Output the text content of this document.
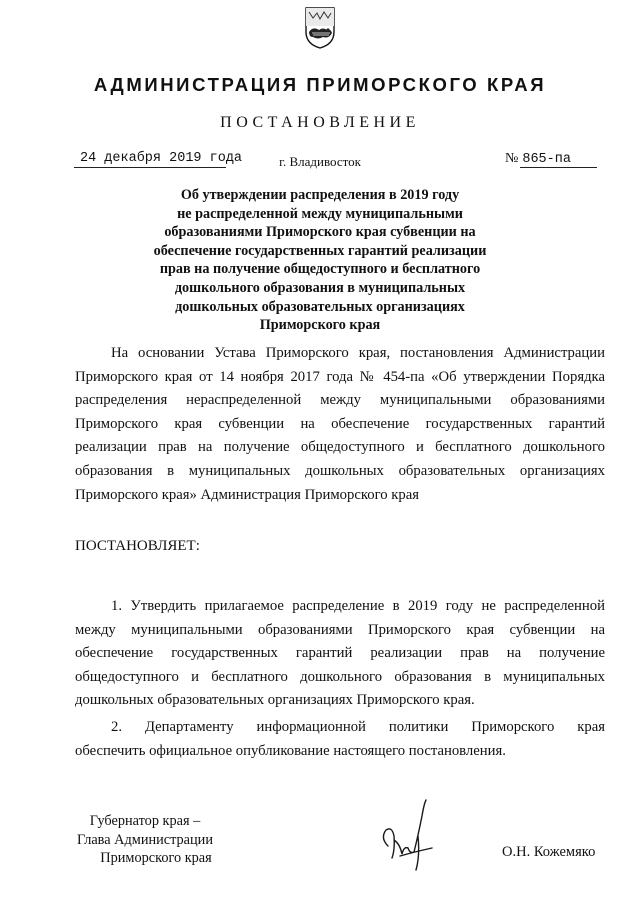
АДМИНИСТРАЦИЯ ПРИМОРСКОГО КРАЯ
ПОСТАНОВЛЕНИЕ
24 декабря 2019 года	г. Владивосток	№ 865-па
Об утверждении распределения в 2019 году
не распределенной между муниципальными
образованиями Приморского края субвенции на
обеспечение государственных гарантий реализации
прав на получение общедоступного и бесплатного
дошкольного образования в муниципальных
дошкольных образовательных организациях
Приморского края
На основании Устава Приморского края, постановления Администрации
Приморского края от 14 ноября 2017 года № 454-па «Об утверждении Порядка
распределения нераспределенной между муниципальными образованиями
Приморского края субвенции на обеспечение государственных гарантий
реализации прав на получение общедоступного и бесплатного дошкольного
образования в муниципальных дошкольных образовательных организациях
Приморского края» Администрация Приморского края
ПОСТАНОВЛЯЕТ:
1. Утвердить прилагаемое распределение в 2019 году не распределенной
между муниципальными образованиями Приморского края субвенции на
обеспечение государственных гарантий реализации прав на получение
общедоступного и бесплатного дошкольного образования в муниципальных
дошкольных образовательных организациях Приморского края.
2. Департаменту информационной политики Приморского края
обеспечить официальное опубликование настоящего постановления.
Губернатор края –
Глава Администрации
Приморского края	О.Н. Кожемяко
